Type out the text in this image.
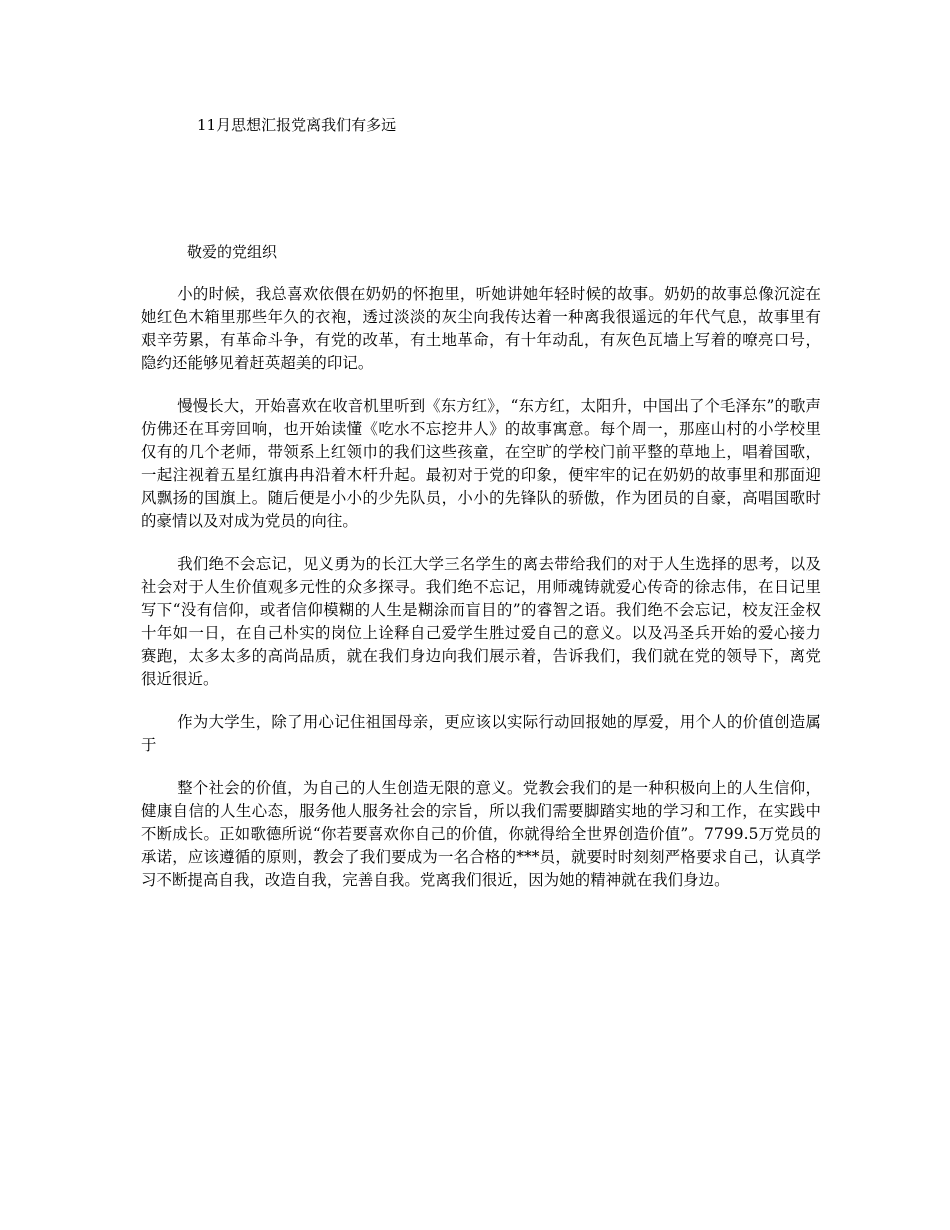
11月思想汇报党离我们有多远
敬爱的党组织

小的时候，我总喜欢依偎在奶奶的怀抱里，听她讲她年轻时候的故事。奶奶的故事总像沉淀在她红色木箱里那些年久的衣袍，透过淡淡的灰尘向我传达着一种离我很遥远的年代气息，故事里有艰辛劳累，有革命斗争，有党的改革，有土地革命，有十年动乱，有灰色瓦墙上写着的嘹亮口号，隐约还能够见着赶英超美的印记。

慢慢长大，开始喜欢在收音机里听到《东方红》，“东方红，太阳升，中国出了个毛泽东”的歌声仿佛还在耳旁回响，也开始读懂《吃水不忘挖井人》的故事寓意。每个周一，那座山村的小学校里仅有的几个老师，带领系上红领巾的我们这些孩童，在空旷的学校门前平整的草地上，唱着国歌，一起注视着五星红旗冉冉沿着木杆升起。最初对于党的印象，便牢牢的记在奶奶的故事里和那面迎风飘扬的国旗上。随后便是小小的少先队员，小小的先锋队的骄傲，作为团员的自豪，高唱国歌时的豪情以及对成为党员的向往。

我们绝不会忘记，见义勇为的长江大学三名学生的离去带给我们的对于人生选择的思考，以及社会对于人生价值观多元性的众多探寻。我们绝不忘记，用师魂铸就爱心传奇的徐志伟，在日记里写下“没有信仰，或者信仰模糊的人生是糊涂而盲目的”的睿智之语。我们绝不会忘记，校友汪金权十年如一日，在自己朴实的岗位上诠释自己爱学生胜过爱自己的意义。以及冯圣兵开始的爱心接力赛跑，太多太多的高尚品质，就在我们身边向我们展示着，告诉我们，我们就在党的领导下，离党很近很近。

作为大学生，除了用心记住祖国母亲，更应该以实际行动回报她的厚爱，用个人的价值创造属于

整个社会的价值，为自己的人生创造无限的意义。党教会我们的是一种积极向上的人生信仰，健康自信的人生心态，服务他人服务社会的宗旨，所以我们需要脚踏实地的学习和工作，在实践中不断成长。正如歌德所说“你若要喜欢你自己的价值，你就得给全世界创造价值”。7799.5万党员的承诺，应该遵循的原则，教会了我们要成为一名合格的***员，就要时时刻刻严格要求自己，认真学习不断提高自我，改造自我，完善自我。党离我们很近，因为她的精神就在我们身边。
